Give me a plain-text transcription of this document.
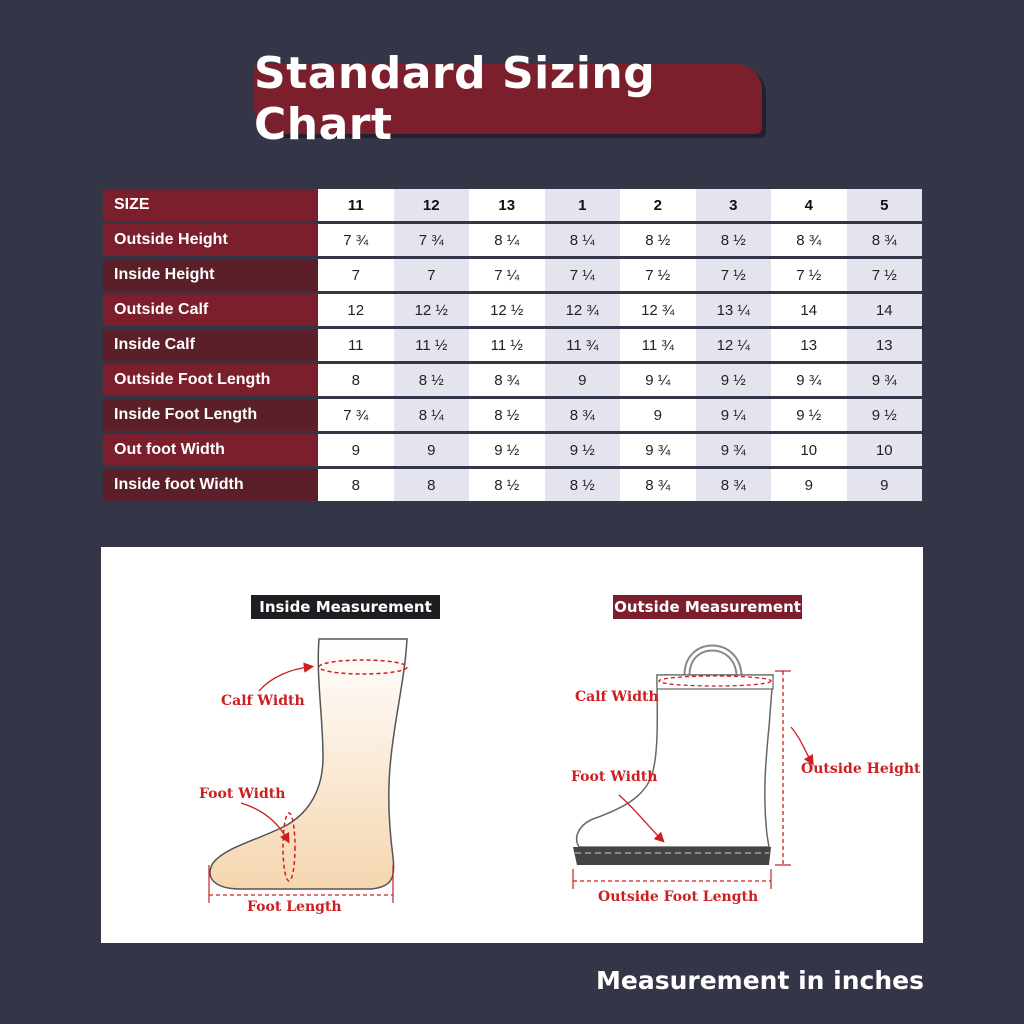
Standard Sizing Chart
SIZE	11	12	13	1	2	3	4	5
Outside Height	7 ¾	7 ¾	8 ¼	8 ¼	8 ½	8 ½	8 ¾	8 ¾
Inside Height	7	7	7 ¼	7 ¼	7 ½	7 ½	7 ½	7 ½
Outside Calf	12	12 ½	12 ½	12 ¾	12 ¾	13 ¼	14	14
Inside Calf	11	11 ½	11 ½	11 ¾	11 ¾	12 ¼	13	13
Outside Foot Length	8	8 ½	8 ¾	9	9 ¼	9 ½	9 ¾	9 ¾
Inside Foot Length	7 ¾	8 ¼	8 ½	8 ¾	9	9 ¼	9 ½	9 ½
Out foot Width	9	9	9 ½	9 ½	9 ¾	9 ¾	10	10
Inside foot Width	8	8	8 ½	8 ½	8 ¾	8 ¾	9	9
Inside Measurement	Outside Measurement
Calf Width
Foot Width
Foot Length
Calf Width
Foot Width	Outside Height
Outside Foot Length
Measurement in inches
